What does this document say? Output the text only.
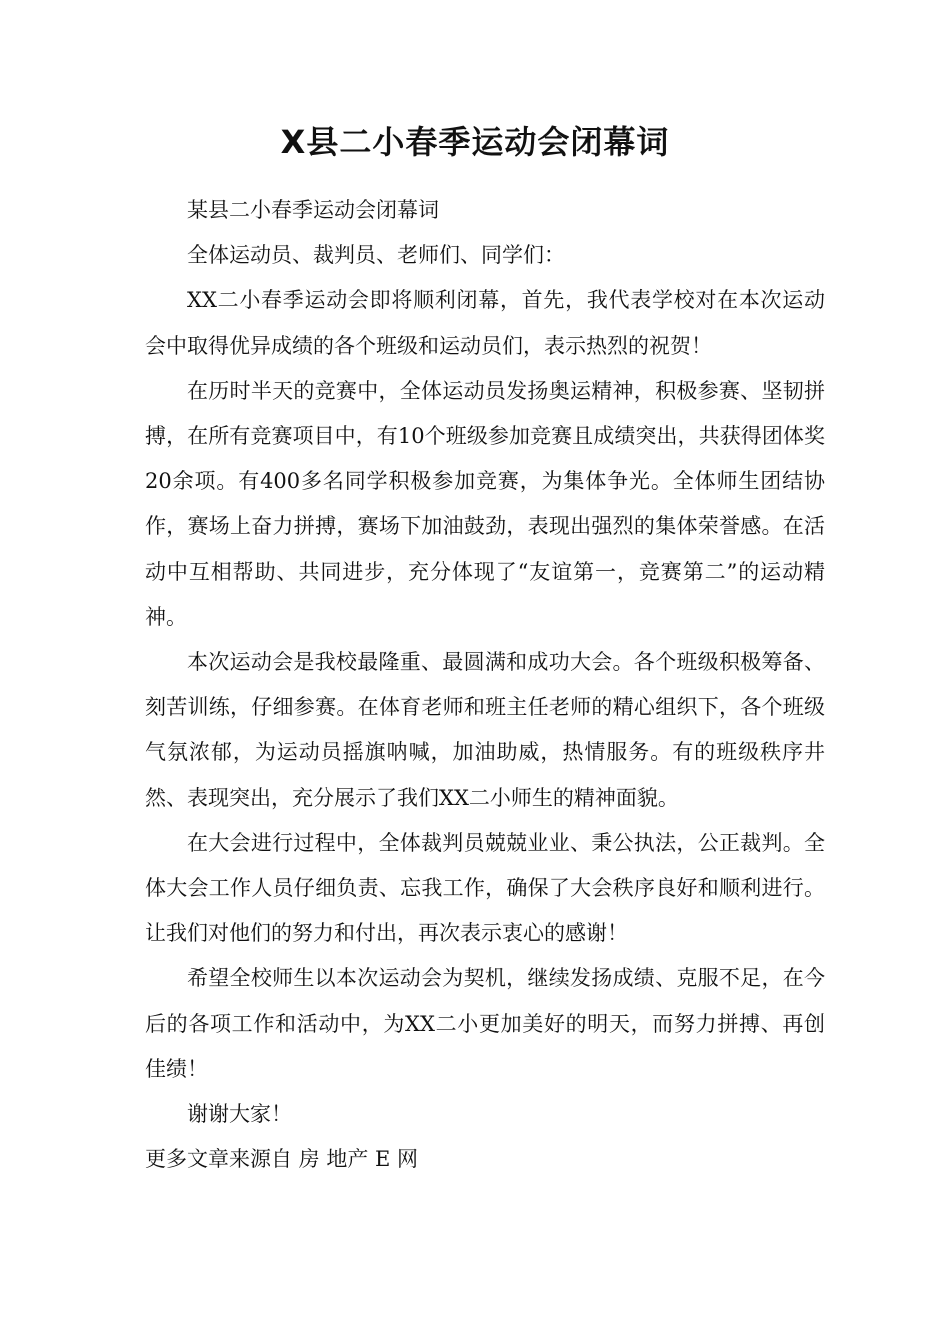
X县二小春季运动会闭幕词

某县二小春季运动会闭幕词

全体运动员、裁判员、老师们、同学们：

XX二小春季运动会即将顺利闭幕，首先，我代表学校对在本次运动会中取得优异成绩的各个班级和运动员们，表示热烈的祝贺！

在历时半天的竞赛中，全体运动员发扬奥运精神，积极参赛、坚韧拼搏，在所有竞赛项目中，有10个班级参加竞赛且成绩突出，共获得团体奖20余项。有400多名同学积极参加竞赛，为集体争光。全体师生团结协作，赛场上奋力拼搏，赛场下加油鼓劲，表现出强烈的集体荣誉感。在活动中互相帮助、共同进步，充分体现了“友谊第一，竞赛第二”的运动精神。

本次运动会是我校最隆重、最圆满和成功大会。各个班级积极筹备、刻苦训练，仔细参赛。在体育老师和班主任老师的精心组织下，各个班级气氛浓郁，为运动员摇旗呐喊，加油助威，热情服务。有的班级秩序井然、表现突出，充分展示了我们XX二小师生的精神面貌。

在大会进行过程中，全体裁判员兢兢业业、秉公执法，公正裁判。全体大会工作人员仔细负责、忘我工作，确保了大会秩序良好和顺利进行。让我们对他们的努力和付出，再次表示衷心的感谢！

希望全校师生以本次运动会为契机，继续发扬成绩、克服不足，在今后的各项工作和活动中，为XX二小更加美好的明天，而努力拼搏、再创佳绩！

谢谢大家！

更多文章来源自 房 地产 E 网
